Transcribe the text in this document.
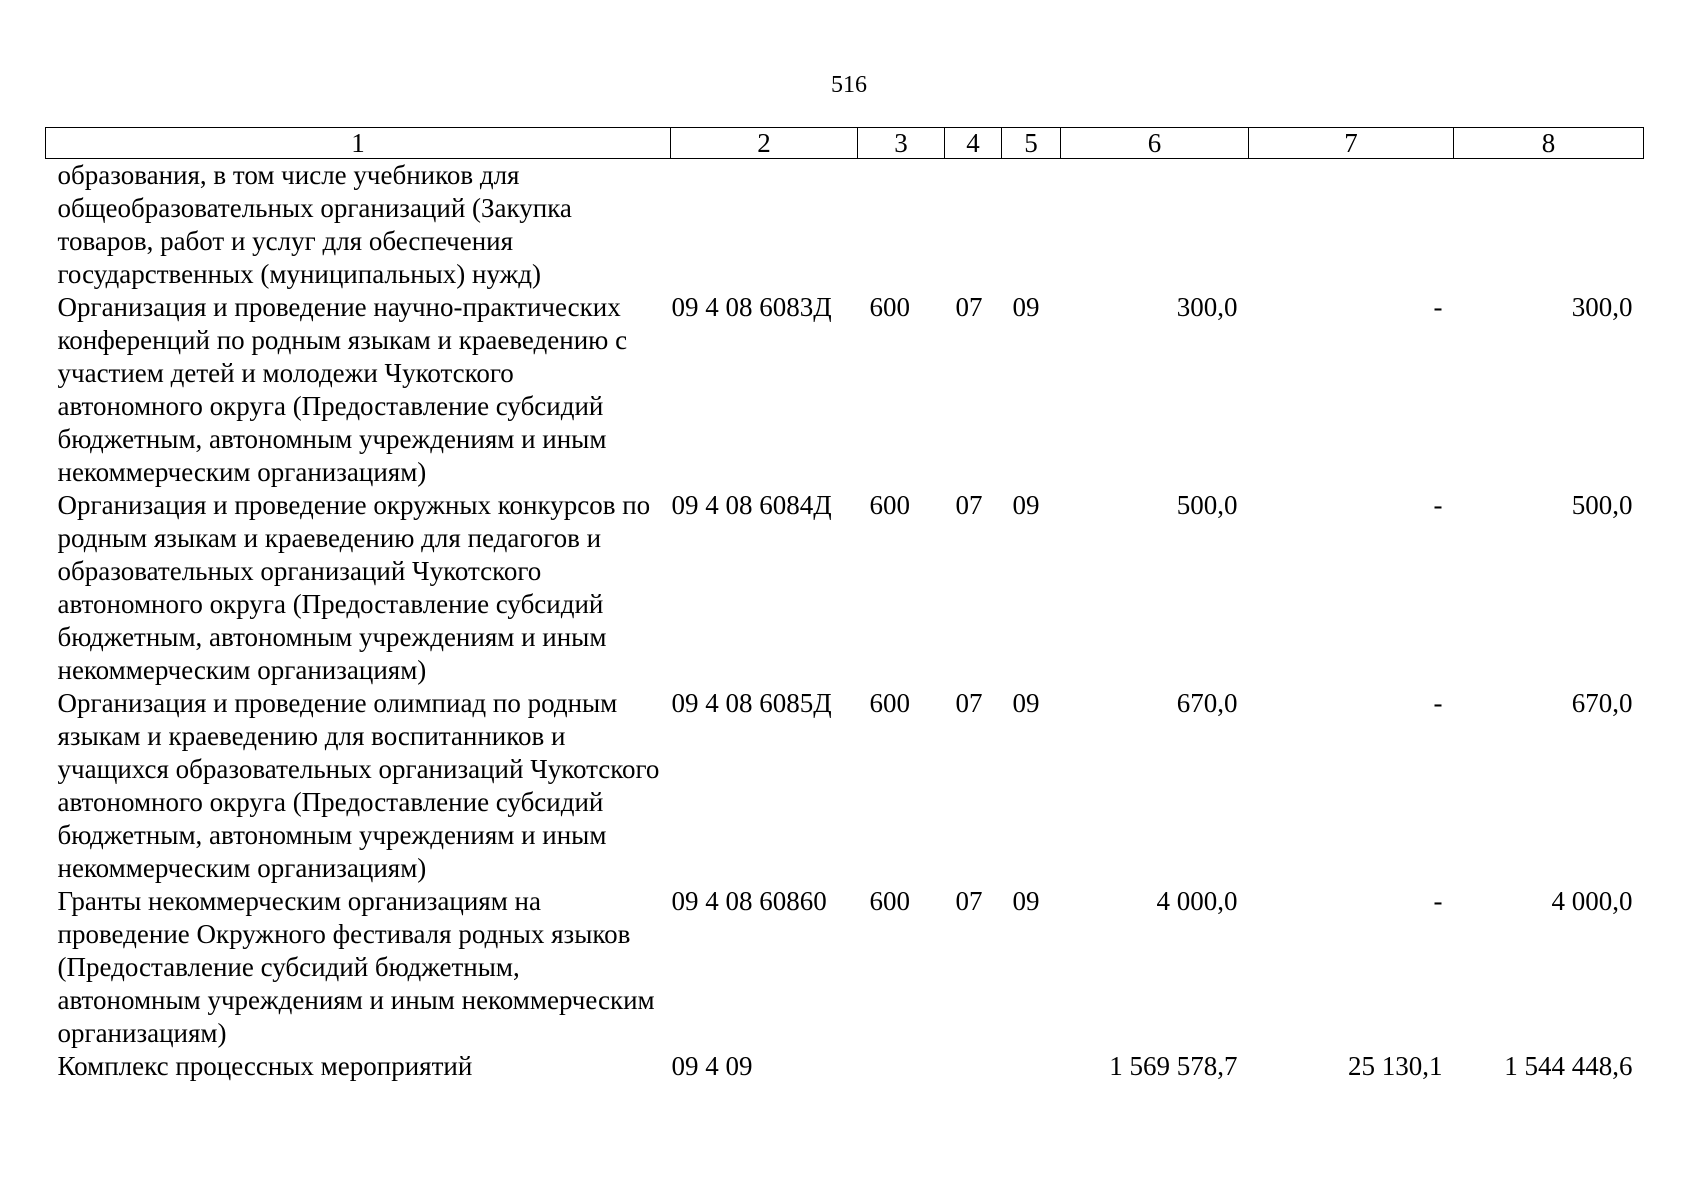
516
1	2	3	4	5	6	7	8
образования, в том числе учебников для общеобразовательных организаций (Закупка товаров, работ и услуг для обеспечения государственных (муниципальных) нужд)							
Организация и проведение научно-практических конференций по родным языкам и краеведению с участием детей и молодежи Чукотского автономного округа (Предоставление субсидий бюджетным, автономным учреждениям и иным некоммерческим организациям)	09 4 08 6083Д	600	07	09	300,0	-	300,0
Организация и проведение окружных конкурсов по родным языкам и краеведению для педагогов и образовательных организаций Чукотского автономного округа (Предоставление субсидий бюджетным, автономным учреждениям и иным некоммерческим организациям)	09 4 08 6084Д	600	07	09	500,0	-	500,0
Организация и проведение олимпиад по родным языкам и краеведению для воспитанников и учащихся образовательных организаций Чукотского автономного округа (Предоставление субсидий бюджетным, автономным учреждениям и иным некоммерческим организациям)	09 4 08 6085Д	600	07	09	670,0	-	670,0
Гранты некоммерческим организациям на проведение Окружного фестиваля родных языков (Предоставление субсидий бюджетным, автономным учреждениям и иным некоммерческим организациям)	09 4 08 60860	600	07	09	4 000,0	-	4 000,0
Комплекс процессных мероприятий	09 4 09				1 569 578,7	25 130,1	1 544 448,6
